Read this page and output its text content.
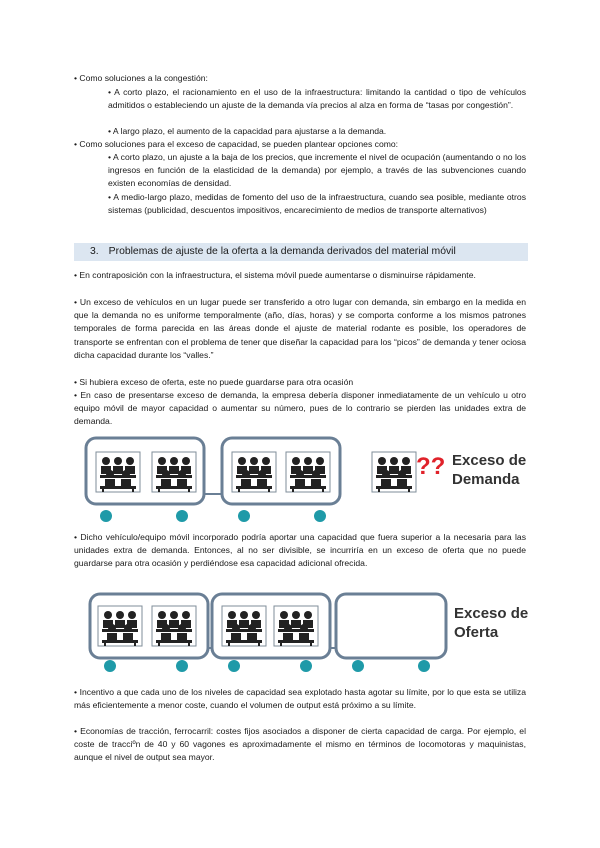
• Como soluciones a la congestión:
• A corto plazo, el racionamiento en el uso de la infraestructura: limitando la cantidad o tipo de vehículos admitidos o estableciendo un ajuste de la demanda vía precios al alza en forma de “tasas por congestión”.
• A largo plazo, el aumento de la capacidad para ajustarse a la demanda.
• Como soluciones para el exceso de capacidad, se pueden plantear opciones como:
• A corto plazo, un ajuste a la baja de los precios, que incremente el nivel de ocupación (aumentando o no los ingresos en función de la elasticidad de la demanda) por ejemplo, a través de las subvenciones cuando existen economías de densidad.
• A medio-largo plazo, medidas de fomento del uso de la infraestructura, cuando sea posible, mediante otros sistemas (publicidad, descuentos impositivos, encarecimiento de medios de transporte alternativos)
3. Problemas de ajuste de la oferta a la demanda derivados del material móvil
• En contraposición con la infraestructura, el sistema móvil puede aumentarse o disminuirse rápidamente.
• Un exceso de vehículos en un lugar puede ser transferido a otro lugar con demanda, sin embargo en la medida en que la demanda no es uniforme temporalmente (año, días, horas) y se comporta conforme a los mismos patrones temporales de forma parecida en las áreas donde el ajuste de material rodante es posible, los operadores de transporte se enfrentan con el problema de tener que diseñar la capacidad para los “picos” de demanda y tener ociosa dicha capacidad durante los “valles.”
• Si hubiera exceso de oferta, este no puede guardarse para otra ocasión
• En caso de presentarse exceso de demanda, la empresa debería disponer inmediatamente de un vehículo u otro equipo móvil de mayor capacidad o aumentar su número, pues de lo contrario se pierden las unidades extra de demanda.
?? Exceso de
Demanda
• Dicho vehículo/equipo móvil incorporado podría aportar una capacidad que fuera superior a la necesaria para las unidades extra de demanda. Entonces, al no ser divisible, se incurriría en un exceso de oferta que no puede guardarse para otra ocasión y perdiéndose esa capacidad adicional ofrecida.
Exceso de
Oferta
• Incentivo a que cada uno de los niveles de capacidad sea explotado hasta agotar su límite, por lo que esta se utiliza más eficientemente a menor coste, cuando el volumen de output está próximo a su límite.
• Economías de tracción, ferrocarril: costes fijos asociados a disponer de cierta capacidad de carga. Por ejemplo, el coste de tracciºn de 40 y 60 vagones es aproximadamente el mismo en términos de locomotoras y maquinistas, aunque el nivel de output sea mayor.
